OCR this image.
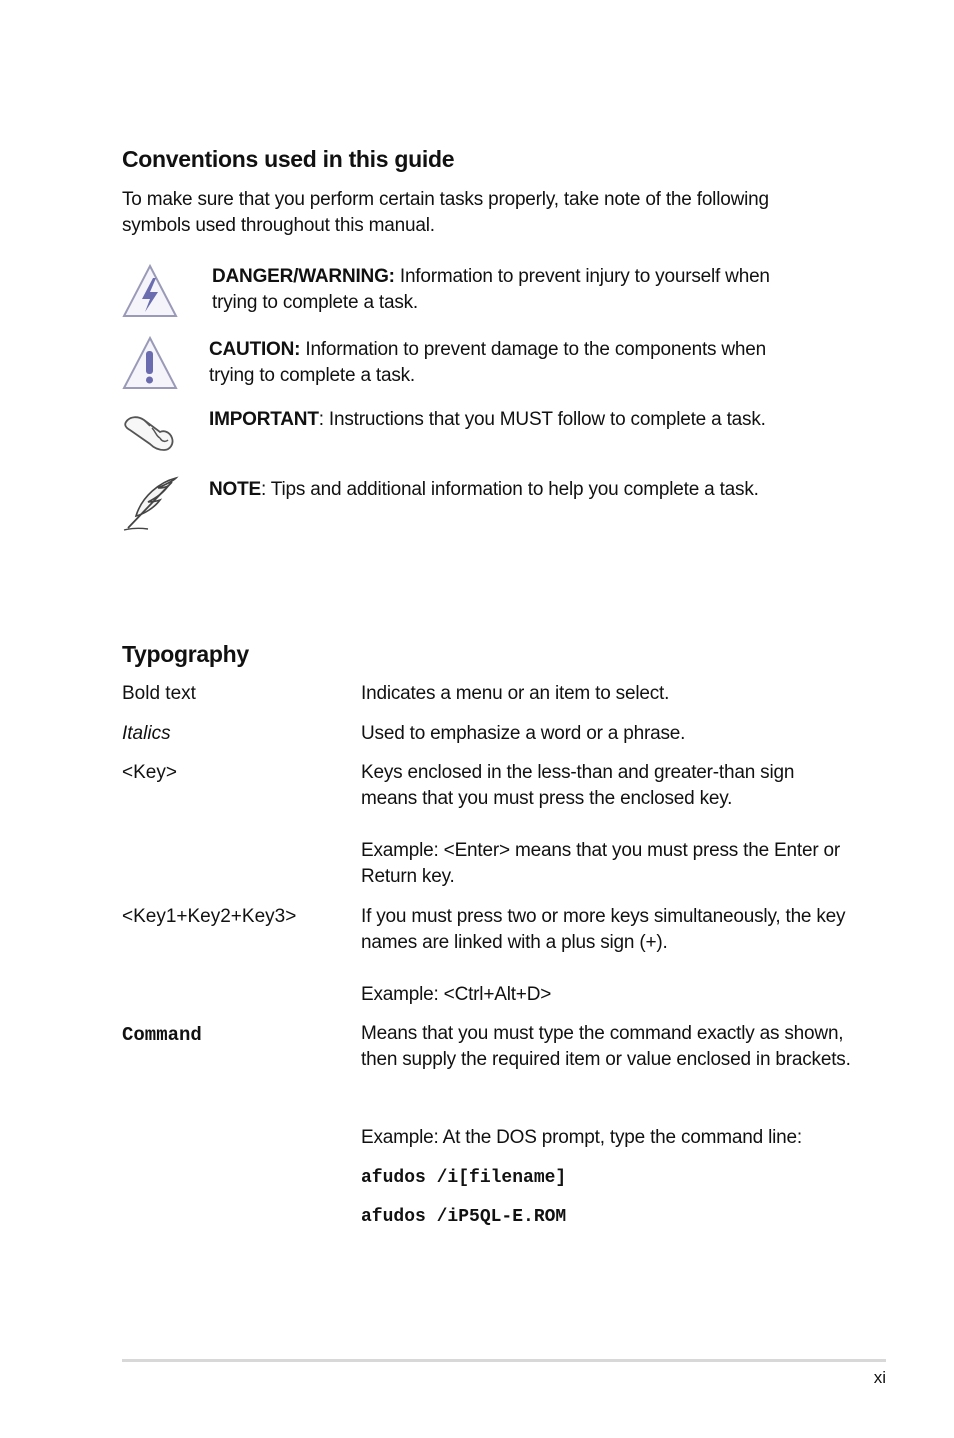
Conventions used in this guide
To make sure that you perform certain tasks properly, take note of the following symbols used throughout this manual.
DANGER/WARNING: Information to prevent injury to yourself when trying to complete a task.
CAUTION: Information to prevent damage to the components when trying to complete a task.
IMPORTANT: Instructions that you MUST follow to complete a task.
NOTE: Tips and additional information to help you complete a task.
Typography
Bold text	Indicates a menu or an item to select.
Italics	Used to emphasize a word or a phrase.
<Key>	Keys enclosed in the less-than and greater-than sign means that you must press the enclosed key.
Example: <Enter> means that you must press the Enter or Return key.
<Key1+Key2+Key3>	If you must press two or more keys simultaneously, the key names are linked with a plus sign (+).
Example: <Ctrl+Alt+D>
Command	Means that you must type the command exactly as shown, then supply the required item or value enclosed in brackets.
Example: At the DOS prompt, type the command line:
afudos /i[filename]
afudos /iP5QL-E.ROM
xi
